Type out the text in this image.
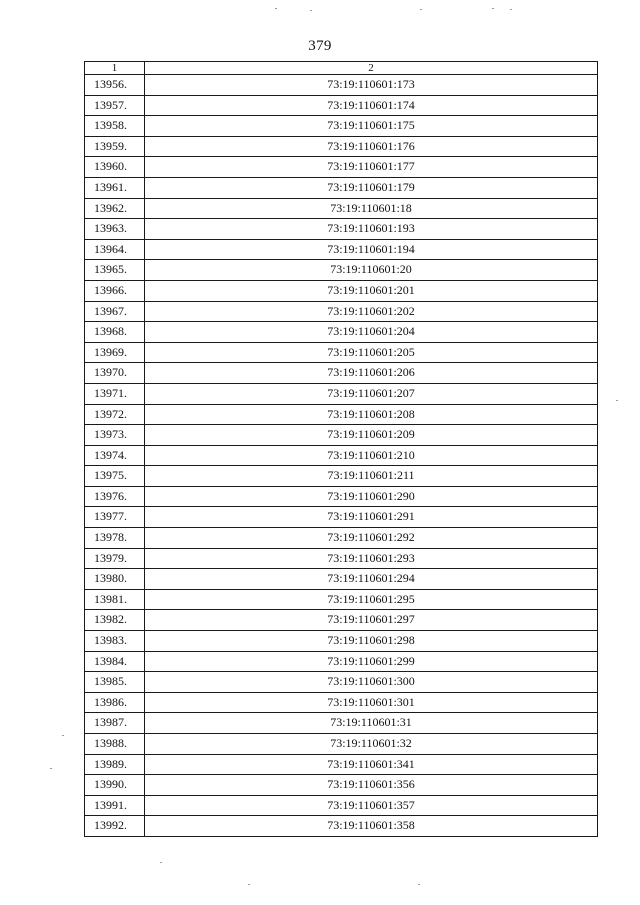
379
1	2
13956.	73:19:110601:173
13957.	73:19:110601:174
13958.	73:19:110601:175
13959.	73:19:110601:176
13960.	73:19:110601:177
13961.	73:19:110601:179
13962.	73:19:110601:18
13963.	73:19:110601:193
13964.	73:19:110601:194
13965.	73:19:110601:20
13966.	73:19:110601:201
13967.	73:19:110601:202
13968.	73:19:110601:204
13969.	73:19:110601:205
13970.	73:19:110601:206
13971.	73:19:110601:207
13972.	73:19:110601:208
13973.	73:19:110601:209
13974.	73:19:110601:210
13975.	73:19:110601:211
13976.	73:19:110601:290
13977.	73:19:110601:291
13978.	73:19:110601:292
13979.	73:19:110601:293
13980.	73:19:110601:294
13981.	73:19:110601:295
13982.	73:19:110601:297
13983.	73:19:110601:298
13984.	73:19:110601:299
13985.	73:19:110601:300
13986.	73:19:110601:301
13987.	73:19:110601:31
13988.	73:19:110601:32
13989.	73:19:110601:341
13990.	73:19:110601:356
13991.	73:19:110601:357
13992.	73:19:110601:358
